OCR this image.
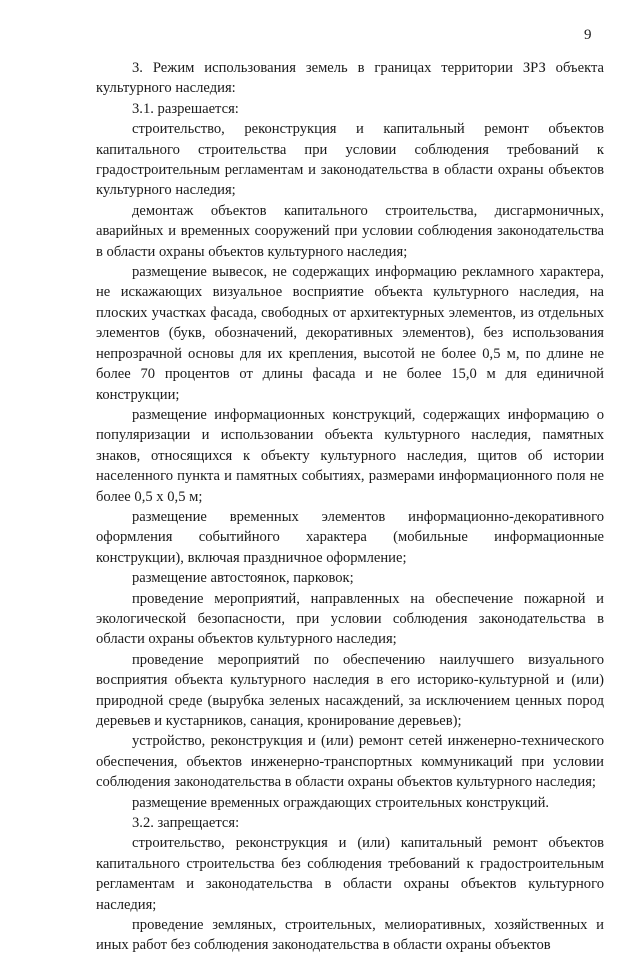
9

3. Режим использования земель в границах территории ЗРЗ объекта культурного наследия:

3.1. разрешается:

строительство, реконструкция и капитальный ремонт объектов капитального строительства при условии соблюдения требований к градостроительным регламентам и законодательства в области охраны объектов культурного наследия;

демонтаж объектов капитального строительства, дисгармоничных, аварийных и временных сооружений при условии соблюдения законодательства в области охраны объектов культурного наследия;

размещение вывесок, не содержащих информацию рекламного характера, не искажающих визуальное восприятие объекта культурного наследия, на плоских участках фасада, свободных от архитектурных элементов, из отдельных элементов (букв, обозначений, декоративных элементов), без использования непрозрачной основы для их крепления, высотой не более 0,5 м, по длине не более 70 процентов от длины фасада и не более 15,0 м для единичной конструкции;

размещение информационных конструкций, содержащих информацию о популяризации и использовании объекта культурного наследия, памятных знаков, относящихся к объекту культурного наследия, щитов об истории населенного пункта и памятных событиях, размерами информационного поля не более 0,5 х 0,5 м;

размещение временных элементов информационно-декоративного оформления событийного характера (мобильные информационные конструкции), включая праздничное оформление;

размещение автостоянок, парковок;

проведение мероприятий, направленных на обеспечение пожарной и экологической безопасности, при условии соблюдения законодательства в области охраны объектов культурного наследия;

проведение мероприятий по обеспечению наилучшего визуального восприятия объекта культурного наследия в его историко-культурной и (или) природной среде (вырубка зеленых насаждений, за исключением ценных пород деревьев и кустарников, санация, кронирование деревьев);

устройство, реконструкция и (или) ремонт сетей инженерно-технического обеспечения, объектов инженерно-транспортных коммуникаций при условии соблюдения законодательства в области охраны объектов культурного наследия;

размещение временных ограждающих строительных конструкций.

3.2. запрещается:

строительство, реконструкция и (или) капитальный ремонт объектов капитального строительства без соблюдения требований к градостроительным регламентам и законодательства в области охраны объектов культурного наследия;

проведение земляных, строительных, мелиоративных, хозяйственных и иных работ без соблюдения законодательства в области охраны объектов
